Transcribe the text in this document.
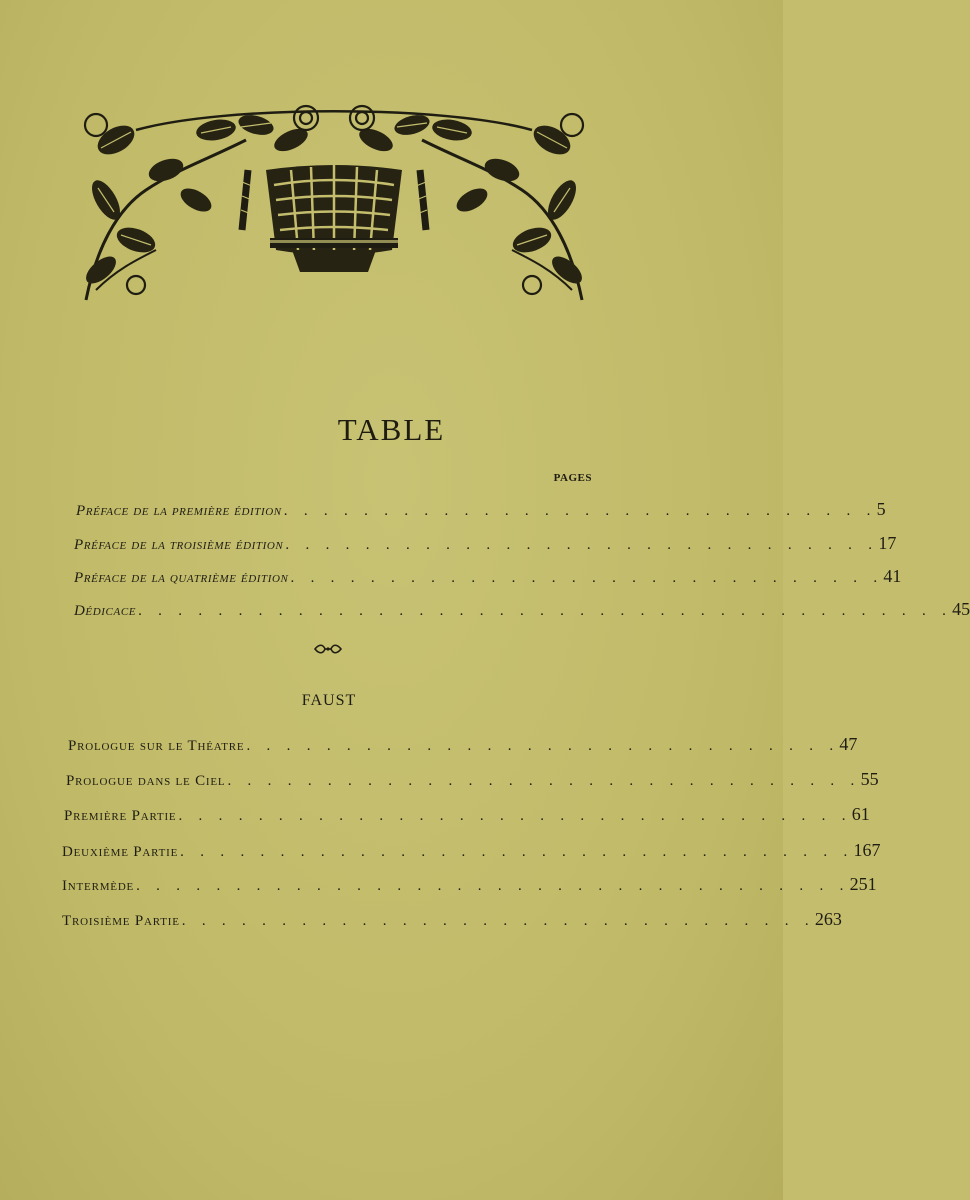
TABLE
PAGES
Préface de la première édition . . . . . . . . . . . . . . . . . . . . . . . . . . . . . . 5
Préface de la troisième édition . . . . . . . . . . . . . . . . . . . . . . . . . . . . . . 17
Préface de la quatrième édition . . . . . . . . . . . . . . . . . . . . . . . . . . . . . . 41
Dédicace . . . . . . . . . . . . . . . . . . . . . . . . . . . . . . . . . . . . . . . . . 45
FAUST
Prologue sur le Théatre . . . . . . . . . . . . . . . . . . . . . . . . . . . . . . 47
Prologue dans le Ciel . . . . . . . . . . . . . . . . . . . . . . . . . . . . . . . . 55
Première Partie . . . . . . . . . . . . . . . . . . . . . . . . . . . . . . . . . . 61
Deuxième Partie . . . . . . . . . . . . . . . . . . . . . . . . . . . . . . . . . . 167
Intermède . . . . . . . . . . . . . . . . . . . . . . . . . . . . . . . . . . . . 251
Troisième Partie . . . . . . . . . . . . . . . . . . . . . . . . . . . . . . . . 263
